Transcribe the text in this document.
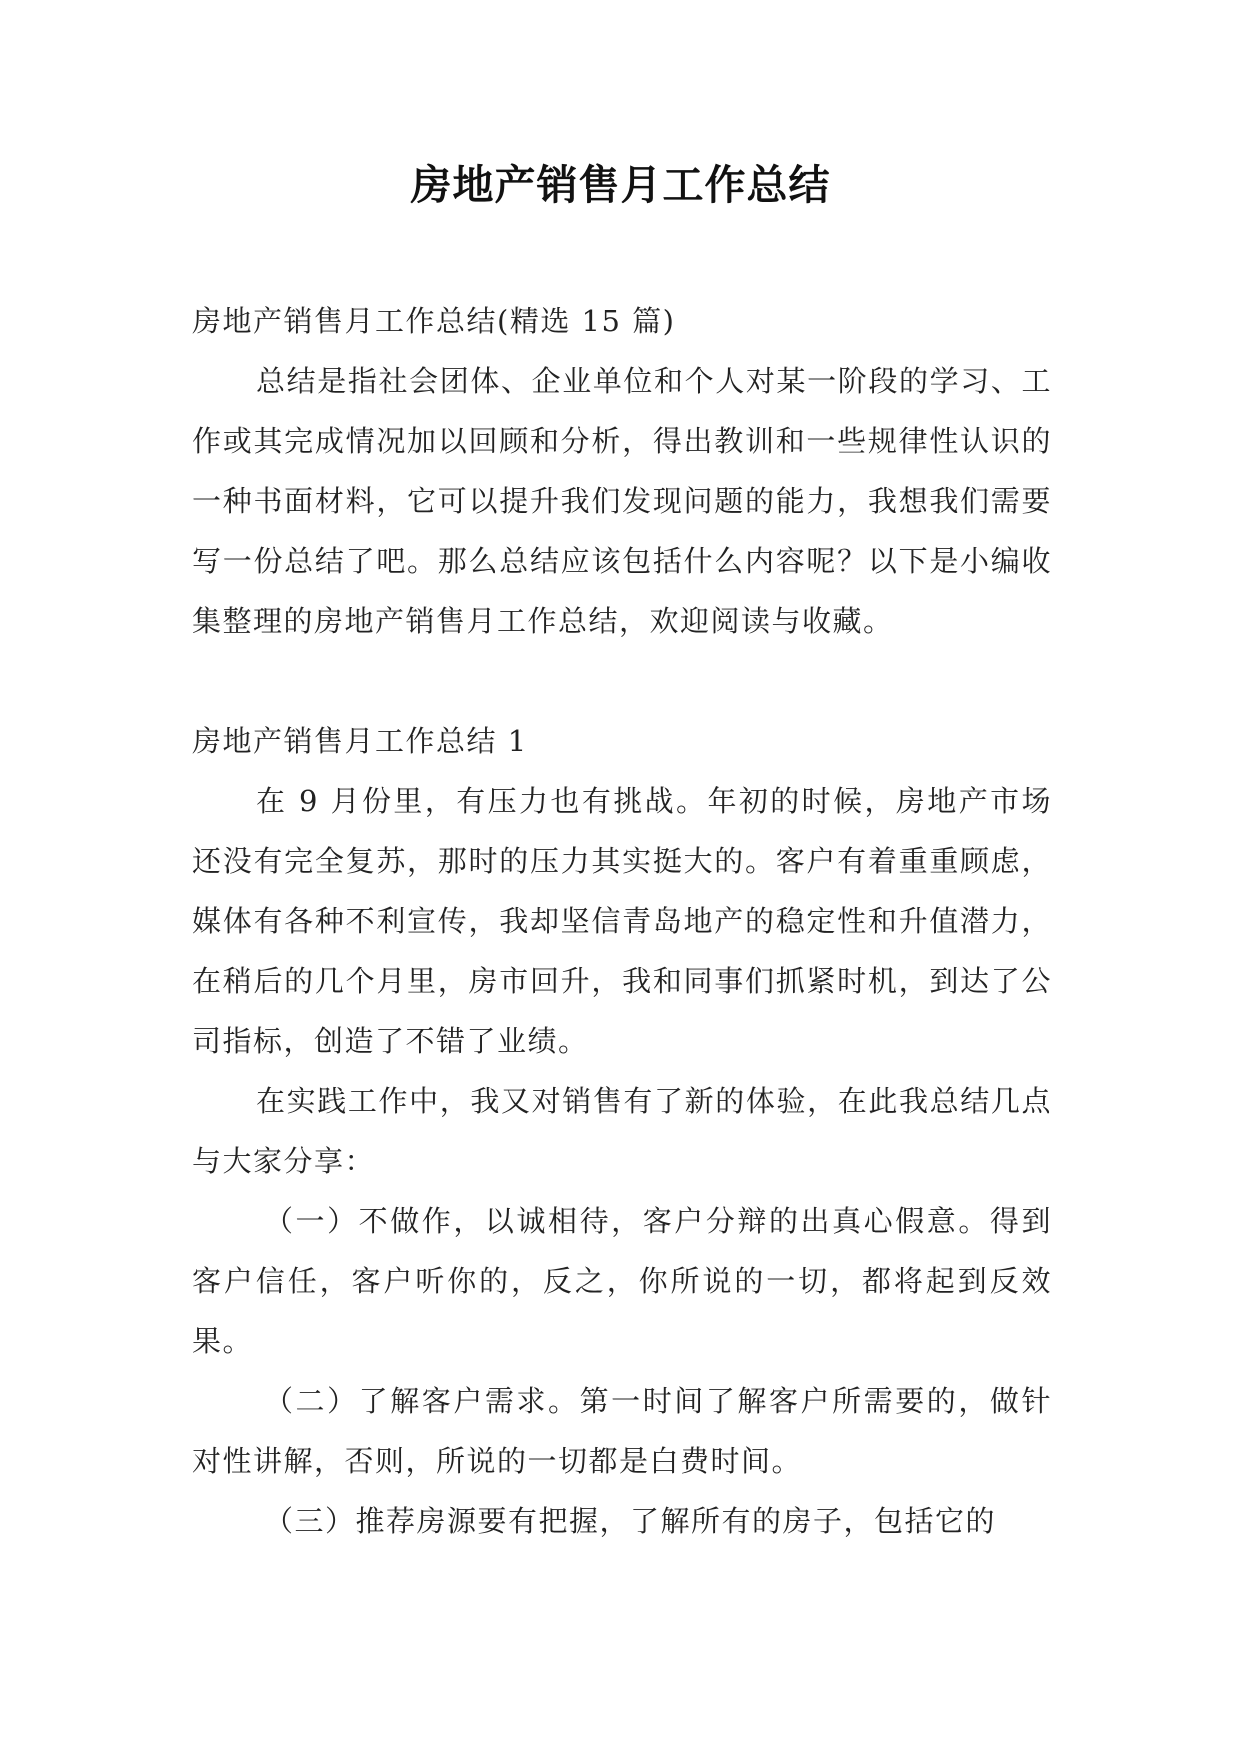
房地产销售月工作总结

房地产销售月工作总结(精选 15 篇)

总结是指社会团体、企业单位和个人对某一阶段的学习、工作或其完成情况加以回顾和分析，得出教训和一些规律性认识的一种书面材料，它可以提升我们发现问题的能力，我想我们需要写一份总结了吧。那么总结应该包括什么内容呢？以下是小编收集整理的房地产销售月工作总结，欢迎阅读与收藏。

房地产销售月工作总结 1

在 9 月份里，有压力也有挑战。年初的时候，房地产市场还没有完全复苏，那时的压力其实挺大的。客户有着重重顾虑，媒体有各种不利宣传，我却坚信青岛地产的稳定性和升值潜力，在稍后的几个月里，房市回升，我和同事们抓紧时机，到达了公司指标，创造了不错了业绩。

在实践工作中，我又对销售有了新的体验，在此我总结几点与大家分享：

（一）不做作，以诚相待，客户分辩的出真心假意。得到客户信任，客户听你的，反之，你所说的一切，都将起到反效果。

（二）了解客户需求。第一时间了解客户所需要的，做针对性讲解，否则，所说的一切都是白费时间。

（三）推荐房源要有把握，了解所有的房子，包括它的
